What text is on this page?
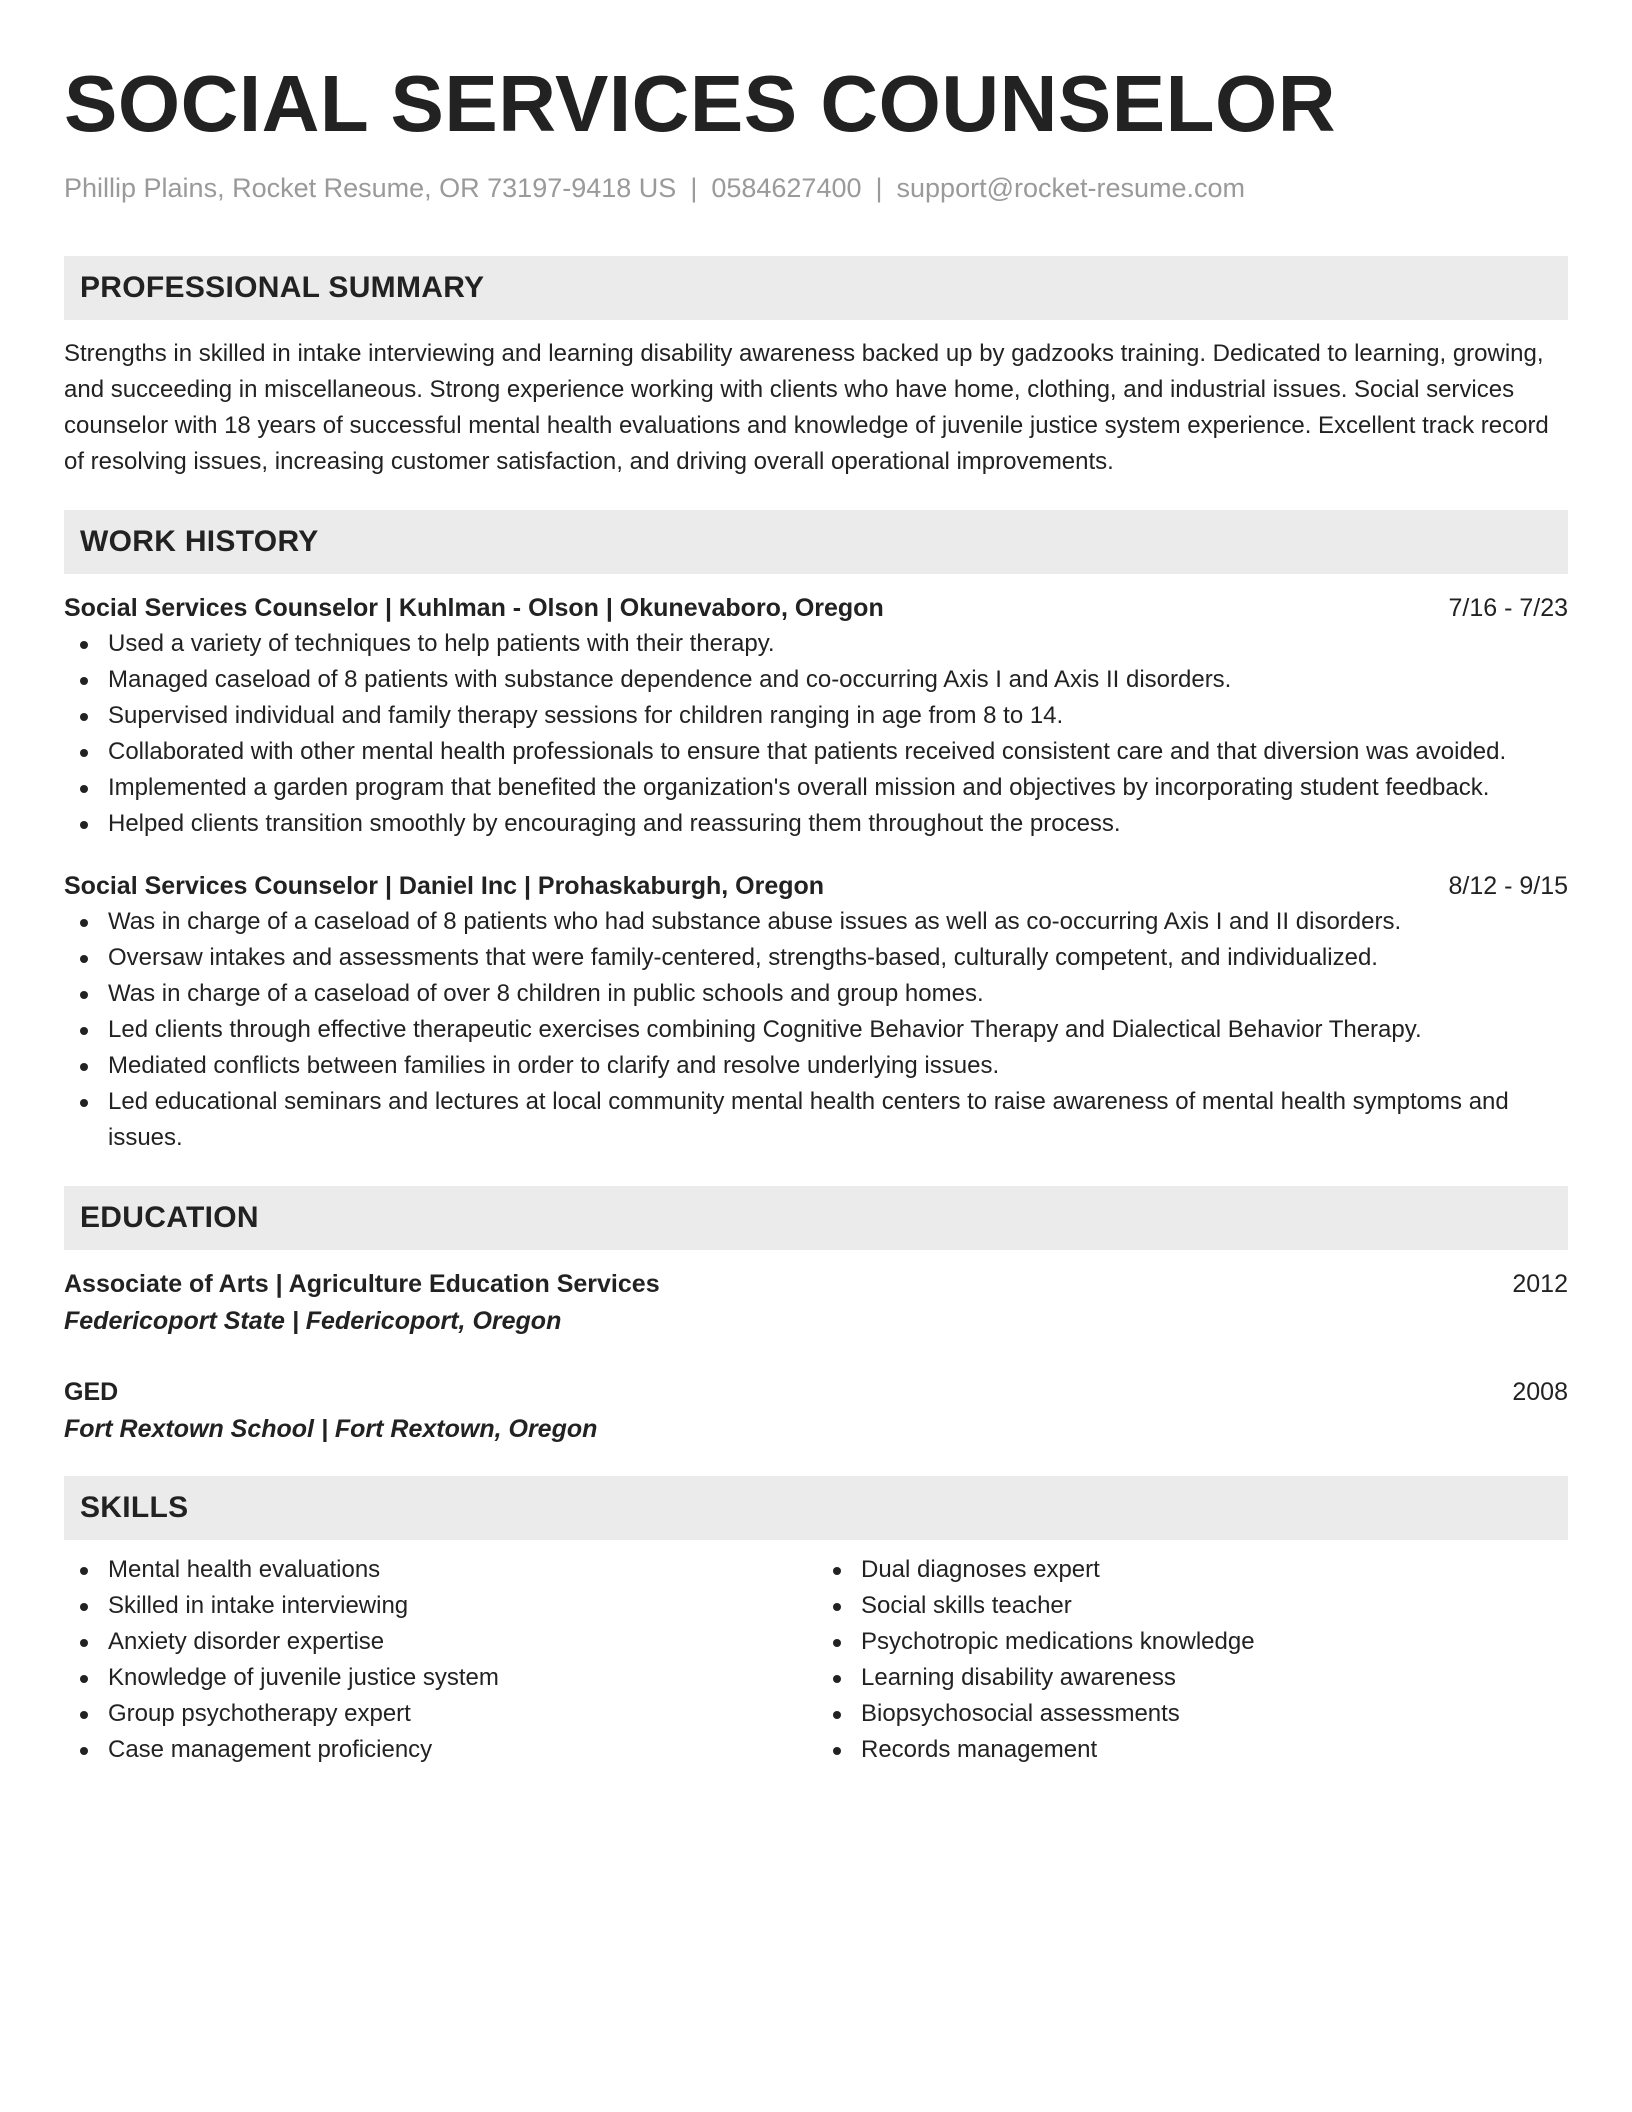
SOCIAL SERVICES COUNSELOR
Phillip Plains, Rocket Resume, OR 73197-9418 US | 0584627400 | support@rocket-resume.com
PROFESSIONAL SUMMARY
Strengths in skilled in intake interviewing and learning disability awareness backed up by gadzooks training. Dedicated to learning, growing, and succeeding in miscellaneous. Strong experience working with clients who have home, clothing, and industrial issues. Social services counselor with 18 years of successful mental health evaluations and knowledge of juvenile justice system experience. Excellent track record of resolving issues, increasing customer satisfaction, and driving overall operational improvements.
WORK HISTORY
Social Services Counselor | Kuhlman - Olson | Okunevaboro, Oregon	7/16 - 7/23
Used a variety of techniques to help patients with their therapy.
Managed caseload of 8 patients with substance dependence and co-occurring Axis I and Axis II disorders.
Supervised individual and family therapy sessions for children ranging in age from 8 to 14.
Collaborated with other mental health professionals to ensure that patients received consistent care and that diversion was avoided.
Implemented a garden program that benefited the organization's overall mission and objectives by incorporating student feedback.
Helped clients transition smoothly by encouraging and reassuring them throughout the process.
Social Services Counselor | Daniel Inc | Prohaskaburgh, Oregon	8/12 - 9/15
Was in charge of a caseload of 8 patients who had substance abuse issues as well as co-occurring Axis I and II disorders.
Oversaw intakes and assessments that were family-centered, strengths-based, culturally competent, and individualized.
Was in charge of a caseload of over 8 children in public schools and group homes.
Led clients through effective therapeutic exercises combining Cognitive Behavior Therapy and Dialectical Behavior Therapy.
Mediated conflicts between families in order to clarify and resolve underlying issues.
Led educational seminars and lectures at local community mental health centers to raise awareness of mental health symptoms and issues.
EDUCATION
Associate of Arts | Agriculture Education Services	2012
Federicoport State | Federicoport, Oregon
GED	2008
Fort Rextown School | Fort Rextown, Oregon
SKILLS
Mental health evaluations
Skilled in intake interviewing
Anxiety disorder expertise
Knowledge of juvenile justice system
Group psychotherapy expert
Case management proficiency
Dual diagnoses expert
Social skills teacher
Psychotropic medications knowledge
Learning disability awareness
Biopsychosocial assessments
Records management
